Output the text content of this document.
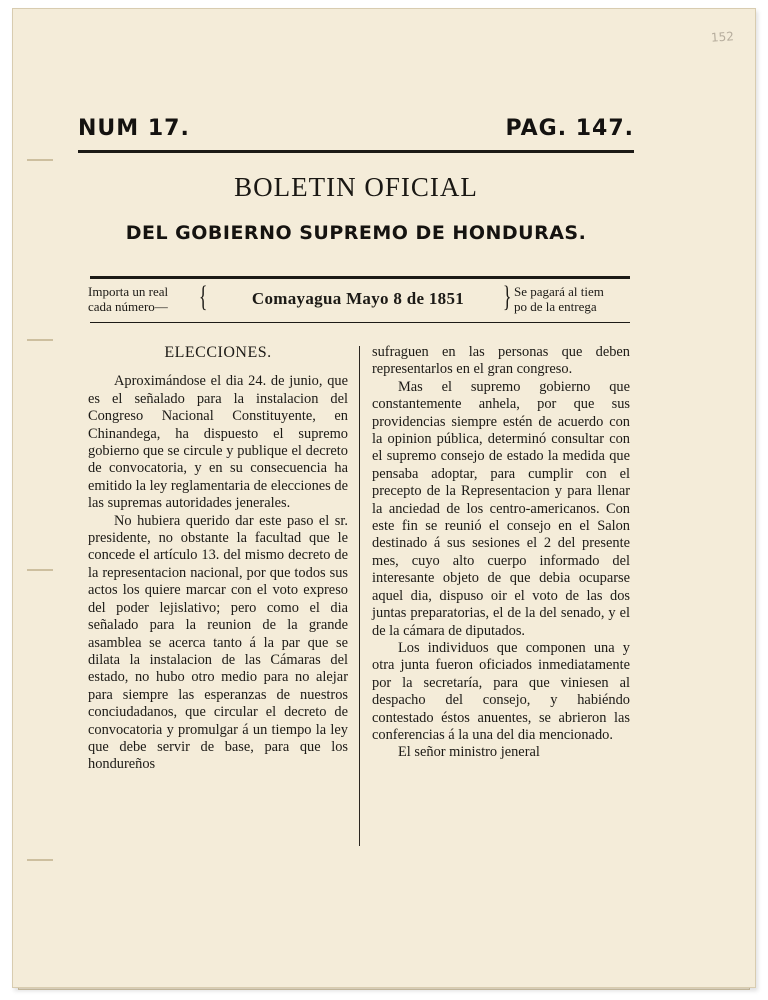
152
NUM 17.	PAG. 147.
BOLETIN OFICIAL
DEL GOBIERNO SUPREMO DE HONDURAS.
Importa un real
cada número—	{	Comayagua Mayo 8 de 1851	} Se pagará al tiem
po de la entrega
ELECCIONES.

Aproximándose el dia 24. de junio, que es el señalado para la instalacion del Congreso Nacional Constituyente, en Chinandega, ha dispuesto el supremo gobierno que se circule y publique el decreto de convocatoria, y en su consecuencia ha emitido la ley reglamentaria de elecciones de las supremas autoridades jenerales.

No hubiera querido dar este paso el sr. presidente, no obstante la facultad que le concede el artículo 13. del mismo decreto de la representacion nacional, por que todos sus actos los quiere marcar con el voto expreso del poder lejislativo; pero como el dia señalado para la reunion de la grande asamblea se acerca tanto á la par que se dilata la instalacion de las Cámaras del estado, no hubo otro medio para no alejar para siempre las esperanzas de nuestros conciudadanos, que circular el decreto de convocatoria y promulgar á un tiempo la ley que debe servir de base, para que los hondureños

sufraguen en las personas que deben representarlos en el gran congreso.

Mas el supremo gobierno que constantemente anhela, por que sus providencias siempre estén de acuerdo con la opinion pública, determinó consultar con el supremo consejo de estado la medida que pensaba adoptar, para cumplir con el precepto de la Representacion y para llenar la anciedad de los centro-americanos. Con este fin se reunió el consejo en el Salon destinado á sus sesiones el 2 del presente mes, cuyo alto cuerpo informado del interesante objeto de que debia ocuparse aquel dia, dispuso oir el voto de las dos juntas preparatorias, el de la del senado, y el de la cámara de diputados.

Los individuos que componen una y otra junta fueron oficiados inmediatamente por la secretaría, para que viniesen al despacho del consejo, y habiéndo contestado éstos anuentes, se abrieron las conferencias á la una del dia mencionado.

El señor ministro jeneral
